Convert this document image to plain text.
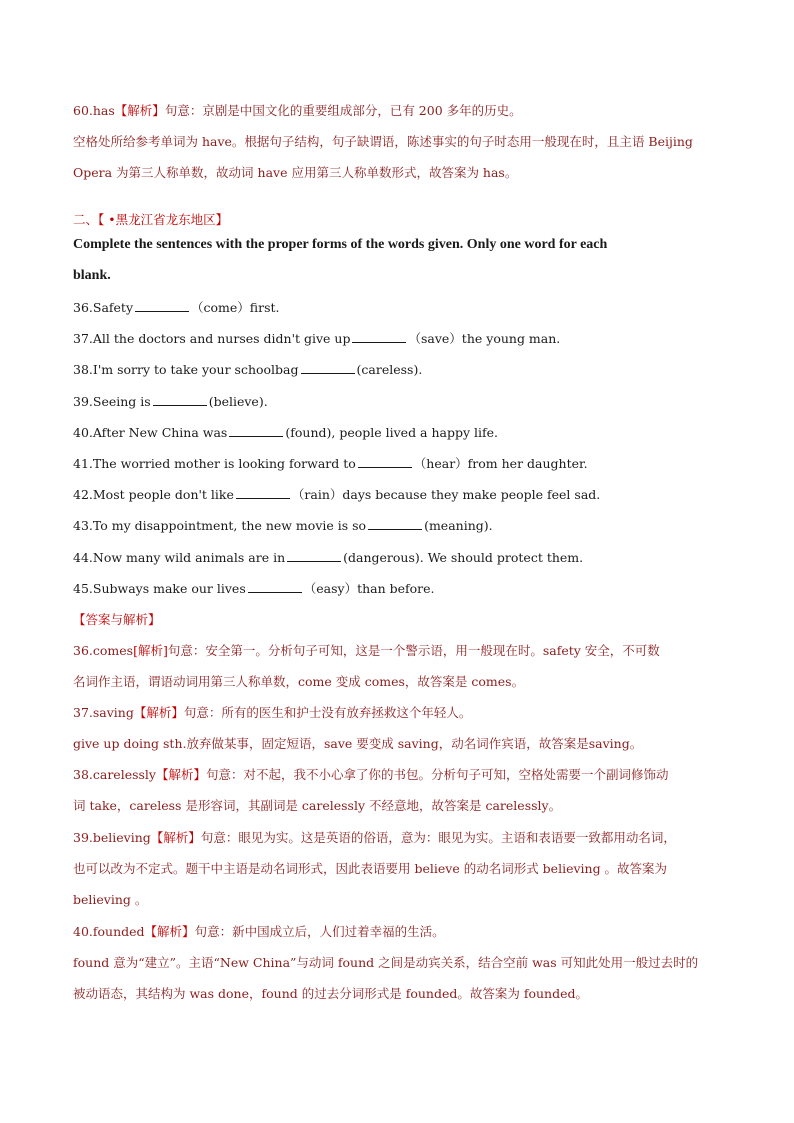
60.has【解析】句意：京剧是中国文化的重要组成部分，已有 200 多年的历史。
空格处所给参考单词为 have。根据句子结构，句子缺谓语，陈述事实的句子时态用一般现在时，且主语 Beijing
Opera 为第三人称单数，故动词 have 应用第三人称单数形式，故答案为 has。
二、【 •黑龙江省龙东地区】
Complete the sentences with the proper forms of the words given. Only one word for each
blank.
36.Safety	（come）first.
37.All the doctors and nurses didn't give up	（save）the young man.
38.I'm sorry to take your schoolbag	(careless).
39.Seeing is	(believe).
40.After New China was	(found), people lived a happy life.
41.The worried mother is looking forward to	（hear）from her daughter.
42.Most people don't like	（rain）days because they make people feel sad.
43.To my disappointment, the new movie is so	(meaning).
44.Now many wild animals are in	(dangerous). We should protect them.
45.Subways make our lives	（easy）than before.
【答案与解析】
36.comes[解析]句意：安全第一。分析句子可知，这是一个警示语，用一般现在时。safety 安全，不可数
名词作主语，谓语动词用第三人称单数，come 变成 comes，故答案是 comes。
37.saving【解析】句意：所有的医生和护士没有放弃拯救这个年轻人。
give up doing sth.放弃做某事，固定短语，save 要变成 saving，动名词作宾语，故答案是saving。
38.carelessly【解析】句意：对不起，我不小心拿了你的书包。分析句子可知，空格处需要一个副词修饰动
词 take，careless 是形容词，其副词是 carelessly 不经意地，故答案是 carelessly。
39.believing【解析】句意：眼见为实。这是英语的俗语，意为：眼见为实。主语和表语要一致都用动名词，
也可以改为不定式。题干中主语是动名词形式，因此表语要用 believe 的动名词形式 believing 。故答案为
believing 。
40.founded【解析】句意：新中国成立后，人们过着幸福的生活。
found 意为“建立”。主语“New China”与动词 found 之间是动宾关系，结合空前 was 可知此处用一般过去时的
被动语态，其结构为 was done，found 的过去分词形式是 founded。故答案为 founded。
